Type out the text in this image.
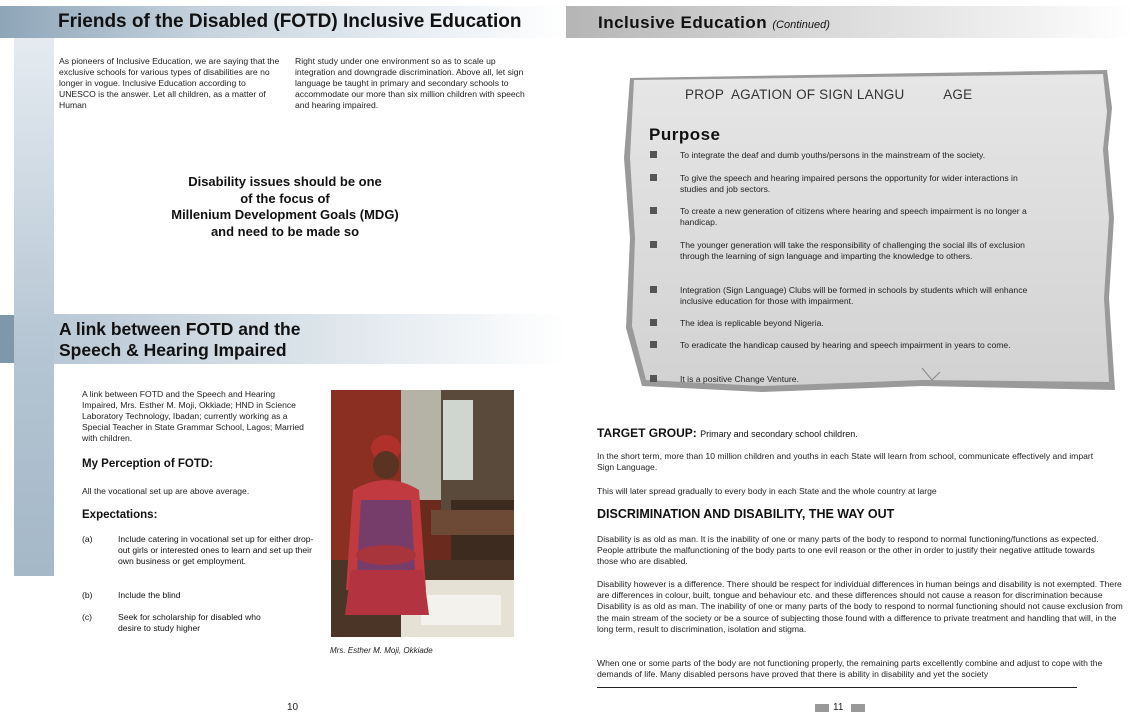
Friends of the Disabled (FOTD) Inclusive Education
As pioneers of Inclusive Education, we are saying that the exclusive schools for various types of disabilities are no longer in vogue. Inclusive Education according to UNESCO is the answer. Let all children, as a matter of Human
Right study under one environment so as to scale up integration and downgrade discrimination. Above all, let sign language be taught in primary and secondary schools to accommodate our more than six million children with speech and hearing impaired.
Disability issues should be one
of the focus of
Millenium Development Goals (MDG)
and need to be made so
A link between FOTD and the
Speech & Hearing Impaired
A link between FOTD and the Speech and Hearing Impaired, Mrs. Esther M. Moji, Okkiade; HND in Science Laboratory Technology, Ibadan; currently working as a Special Teacher in State Grammar School, Lagos; Married with children.
My Perception of FOTD:
All the vocational set up are above average.
Expectations:
(a)	Include catering in vocational set up for either drop-out girls or interested ones to learn and set up their own business or get employment.
(b)	Include the blind
(c)	Seek for scholarship for disabled who desire to study higher
Mrs. Esther M. Moji, Okkiade
10
Inclusive Education (Continued)
PROP  AGATION OF SIGN LANGU          AGE
Purpose
To integrate the deaf and dumb youths/persons in the mainstream of the society.
To give the speech and hearing impaired persons the opportunity for wider interactions in studies and job sectors.
To create a new generation of citizens where hearing and speech impairment is no longer a handicap.
The younger generation will take the responsibility of challenging the social ills of exclusion through the learning of sign language and imparting the knowledge to others.
Integration (Sign Language) Clubs will be formed in schools by students which will enhance inclusive education for those with impairment.
The idea is replicable beyond Nigeria.
To eradicate the handicap caused by hearing and speech impairment in years to come.
It is a positive Change Venture.
TARGET GROUP: Primary and secondary school children.
In the short term, more than 10 million children and youths in each State will learn from school, communicate effectively and impart Sign Language.
This will later spread gradually to every body in each State and the whole country at large
DISCRIMINATION AND DISABILITY, THE WAY OUT
Disability is as old as man. It is the inability of one or many parts of the body to respond to normal functioning/functions as expected. People attribute the malfunctioning of the body parts to one evil reason or the other in order to justify their negative attitude towards those who are disabled.
Disability however is a difference. There should be respect for individual differences in human beings and disability is not exempted. There are differences in colour, built, tongue and behaviour etc. and these differences should not cause a reason for discrimination because Disability is as old as man. The inability of one or many parts of the body to respond to normal functioning should not cause exclusion from the main stream of the society or be a source of subjecting those found with a difference to private treatment and handling that will, in the long term, result to discrimination, isolation and stigma.
When one or some parts of the body are not functioning properly, the remaining parts excellently combine and adjust to cope with the demands of life. Many disabled persons have proved that there is ability in disability and yet the society
11
